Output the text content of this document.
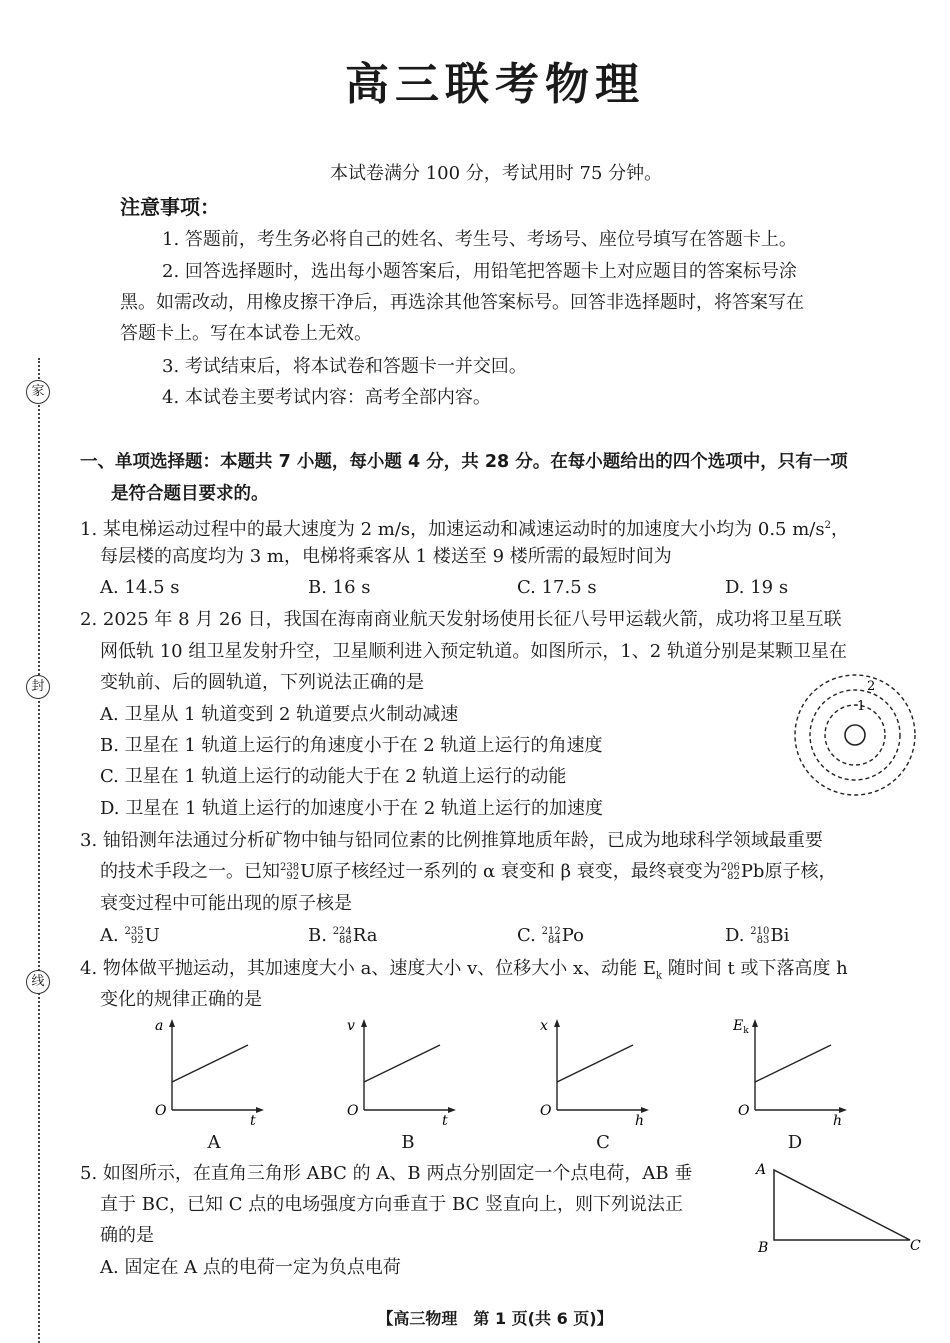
高三联考物理
本试卷满分 100 分，考试用时 75 分钟。
注意事项：
1. 答题前，考生务必将自己的姓名、考生号、考场号、座位号填写在答题卡上。
2. 回答选择题时，选出每小题答案后，用铅笔把答题卡上对应题目的答案标号涂
黑。如需改动，用橡皮擦干净后，再选涂其他答案标号。回答非选择题时，将答案写在
答题卡上。写在本试卷上无效。
3. 考试结束后，将本试卷和答题卡一并交回。
4. 本试卷主要考试内容：高考全部内容。
家
封
线
一、单项选择题：本题共 7 小题，每小题 4 分，共 28 分。在每小题给出的四个选项中，只有一项
是符合题目要求的。
1. 某电梯运动过程中的最大速度为 2 m/s，加速运动和减速运动时的加速度大小均为 0.5 $m/s^2$，
每层楼的高度均为 3 m，电梯将乘客从 1 楼送至 9 楼所需的最短时间为
A. 14.5 s	B. 16 s	C. 17.5 s	D. 19 s
2. 2025 年 8 月 26 日，我国在海南商业航天发射场使用长征八号甲运载火箭，成功将卫星互联
网低轨 10 组卫星发射升空，卫星顺利进入预定轨道。如图所示，1、2 轨道分别是某颗卫星在
变轨前、后的圆轨道，下列说法正确的是
A. 卫星从 1 轨道变到 2 轨道要点火制动减速
B. 卫星在 1 轨道上运行的角速度小于在 2 轨道上运行的角速度
C. 卫星在 1 轨道上运行的动能大于在 2 轨道上运行的动能
D. 卫星在 1 轨道上运行的加速度小于在 2 轨道上运行的加速度
1
2
3. 铀铅测年法通过分析矿物中铀与铅同位素的比例推算地质年龄，已成为地球科学领域最重要
的技术手段之一。已知238
92U原子核经过一系列的 α 衰变和 β 衰变，最终衰变为206
82Pb原子核，
衰变过程中可能出现的原子核是
A. 235
92U	B. 224
88Ra	C. 212
84Po	D. 210
83Bi
4. 物体做平抛运动，其加速度大小 a、速度大小 v、位移大小 x、动能 $E_k$ 随时间 t 或下落高度 h
变化的规律正确的是
a
O
t
A
v
O
t
B
x
O
h
C
$E_k$
O
h
D
5. 如图所示，在直角三角形 ABC 的 A、B 两点分别固定一个点电荷，AB 垂
直于 BC，已知 C 点的电场强度方向垂直于 BC 竖直向上，则下列说法正
确的是
A. 固定在 A 点的电荷一定为负点电荷
A
B	C
【高三物理　第 1 页(共 6 页)】
